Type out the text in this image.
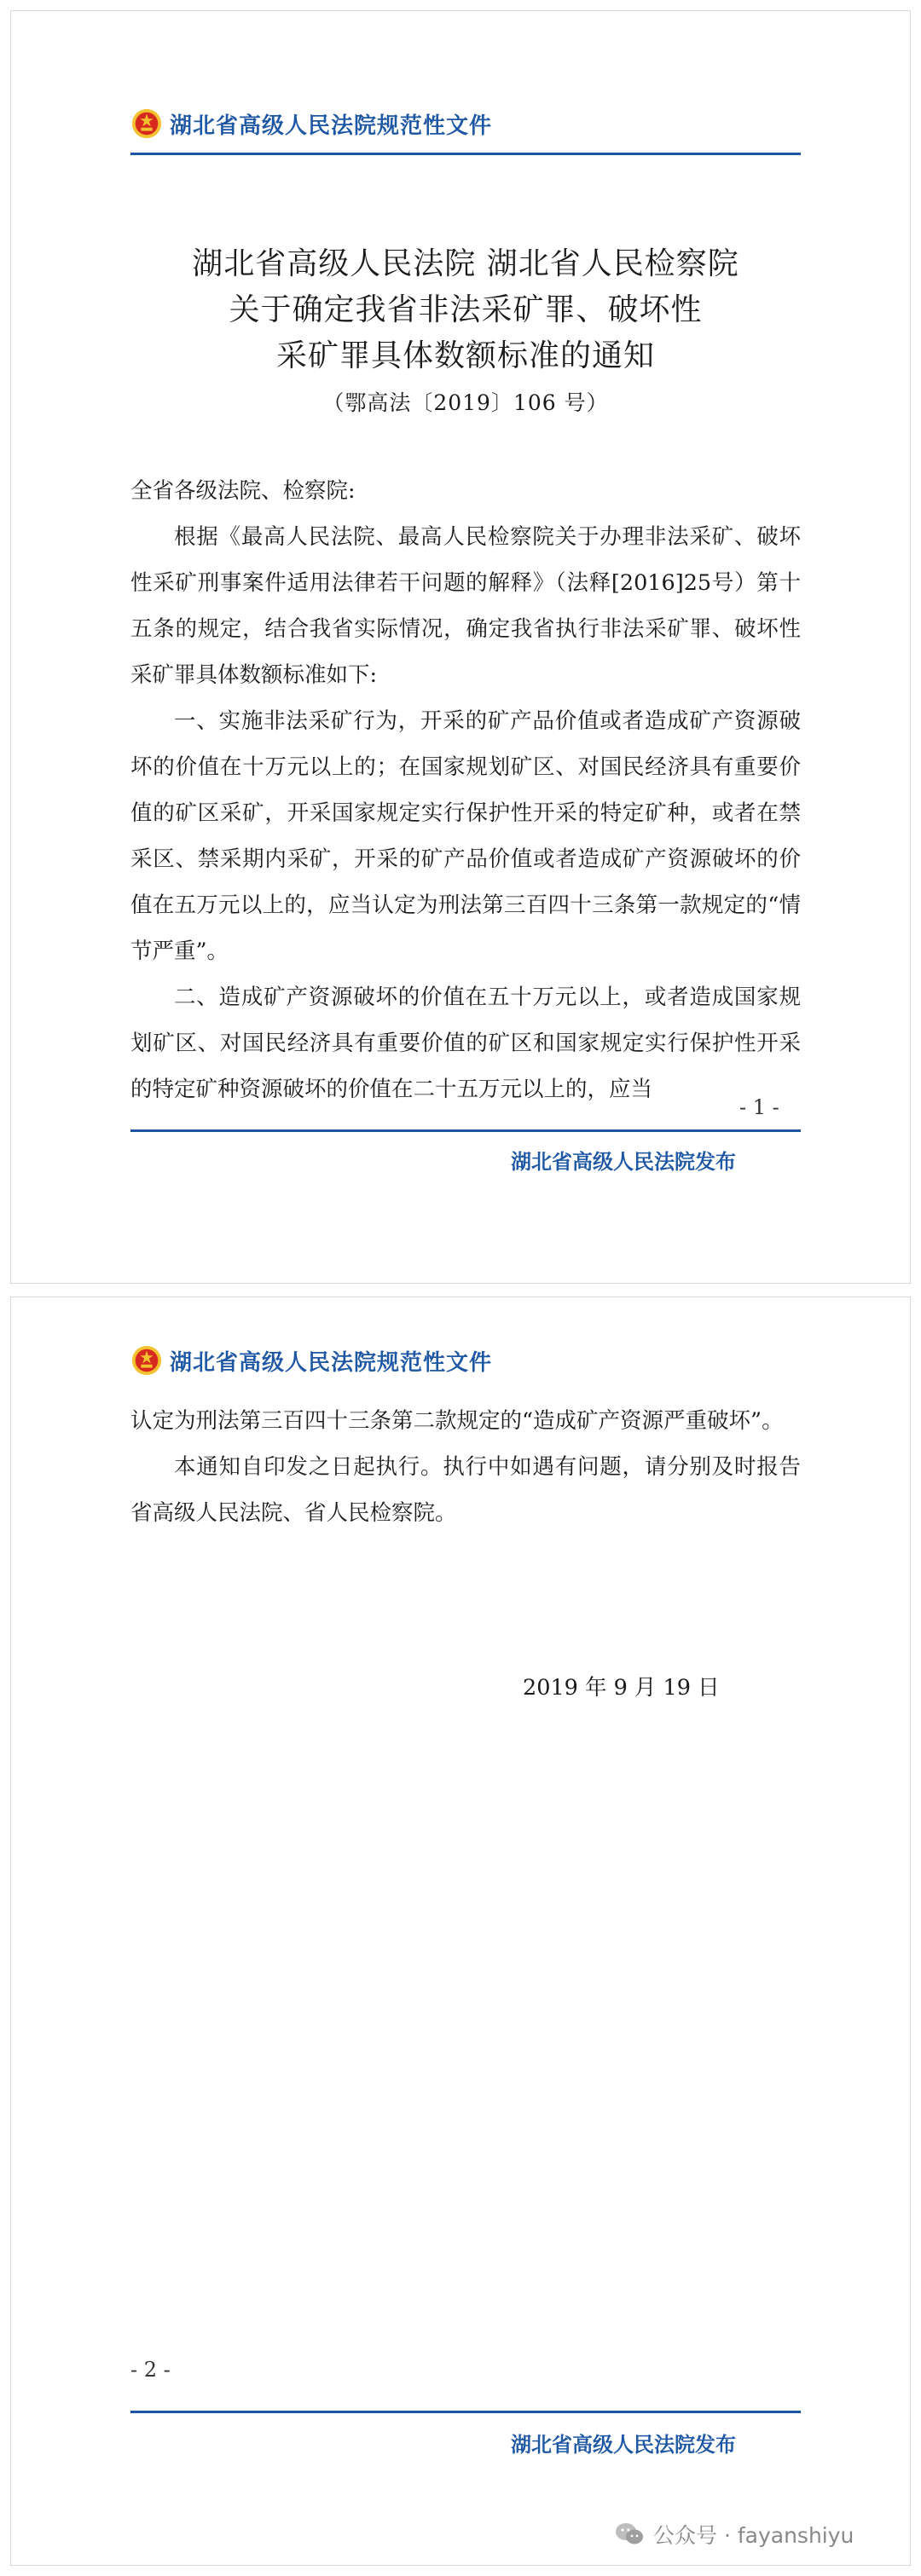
湖北省高级人民法院规范性文件
湖北省高级人民法院 湖北省人民检察院
关于确定我省非法采矿罪、破坏性
采矿罪具体数额标准的通知
（鄂高法〔2019〕106 号）

全省各级法院、检察院:

根据《最高人民法院、最高人民检察院关于办理非法采矿、破坏性采矿刑事案件适用法律若干问题的解释》（法释[2016]25号）第十五条的规定，结合我省实际情况，确定我省执行非法采矿罪、破坏性采矿罪具体数额标准如下:

一、实施非法采矿行为，开采的矿产品价值或者造成矿产资源破坏的价值在十万元以上的；在国家规划矿区、对国民经济具有重要价值的矿区采矿，开采国家规定实行保护性开采的特定矿种，或者在禁采区、禁采期内采矿，开采的矿产品价值或者造成矿产资源破坏的价值在五万元以上的，应当认定为刑法第三百四十三条第一款规定的“情节严重”。

二、造成矿产资源破坏的价值在五十万元以上，或者造成国家规划矿区、对国民经济具有重要价值的矿区和国家规定实行保护性开采的特定矿种资源破坏的价值在二十五万元以上的，应当

- 1 -
湖北省高级人民法院发布
湖北省高级人民法院规范性文件

认定为刑法第三百四十三条第二款规定的“造成矿产资源严重破坏”。

本通知自印发之日起执行。执行中如遇有问题，请分别及时报告省高级人民法院、省人民检察院。

2019 年 9 月 19 日
- 2 -
湖北省高级人民法院发布
公众号 · fayanshiyu
